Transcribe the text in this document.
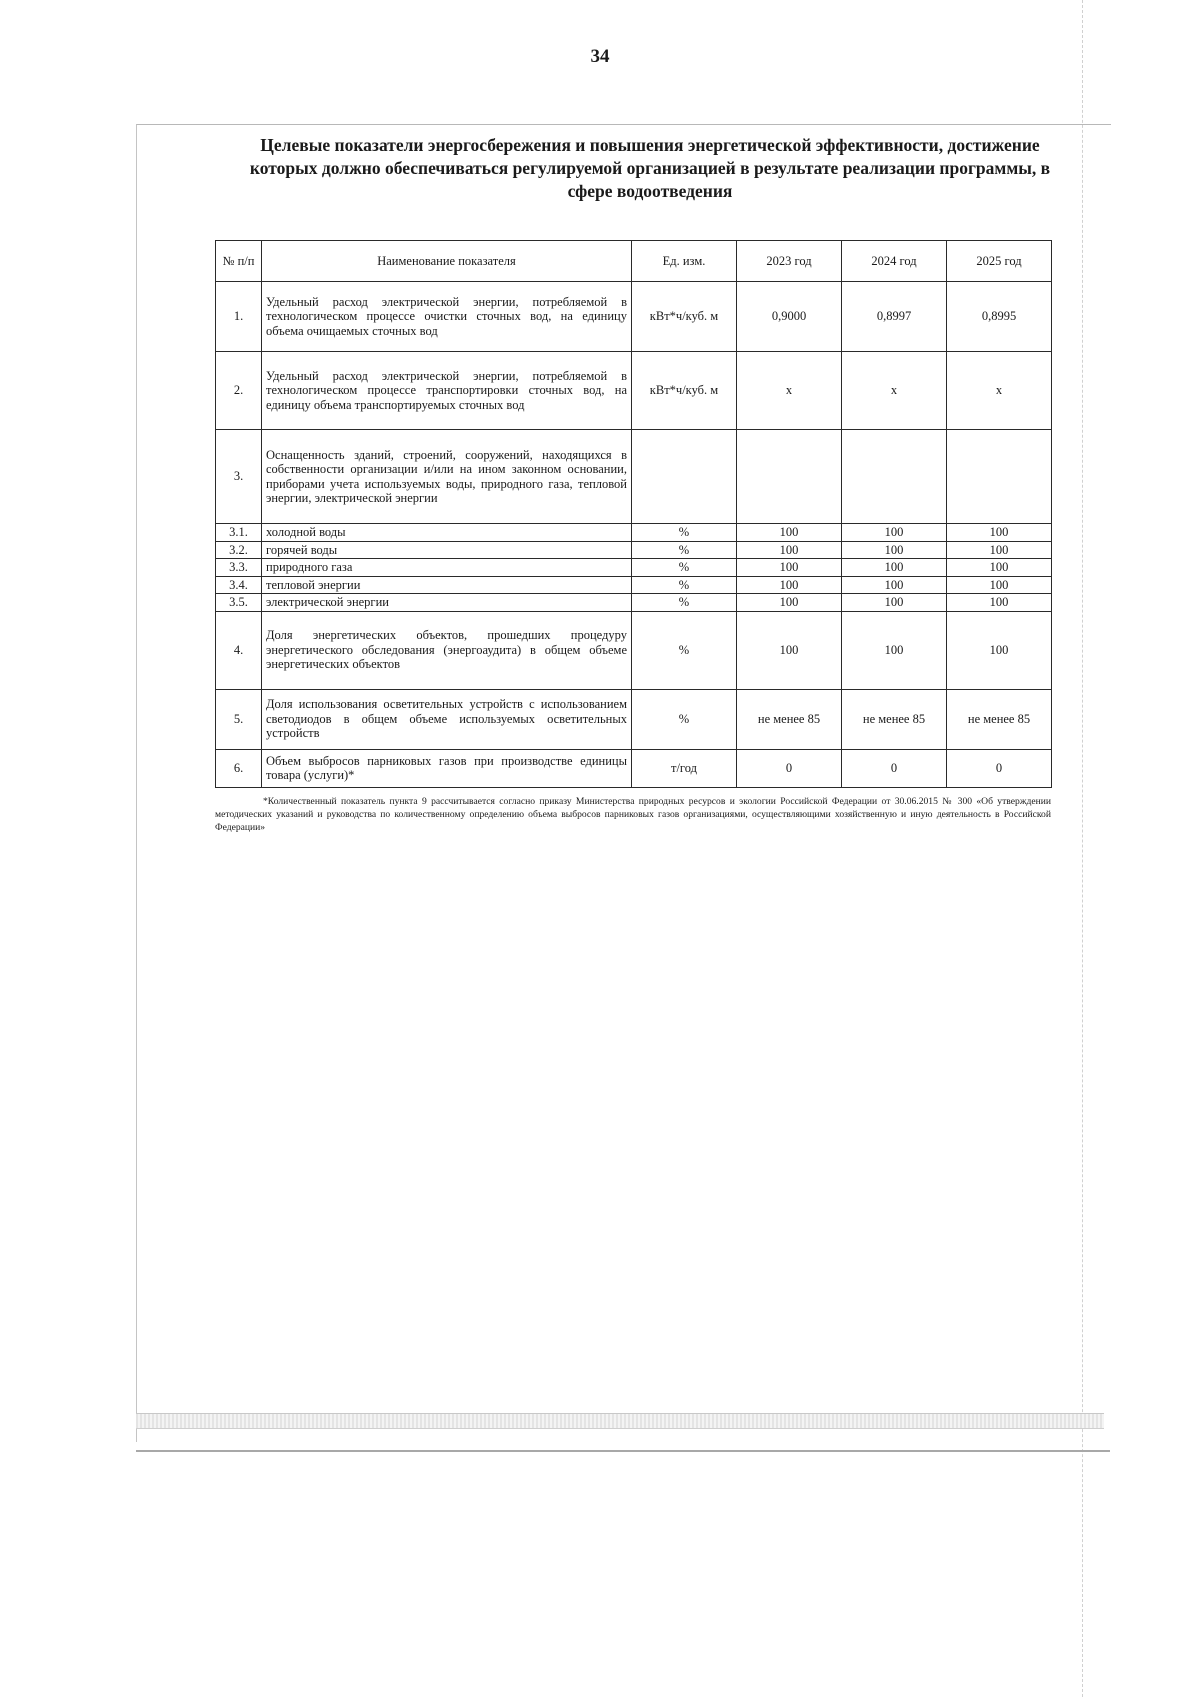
34
Целевые показатели энергосбережения и повышения энергетической эффективности, достижение которых должно обеспечиваться регулируемой организацией в результате реализации программы, в сфере водоотведения
№ п/п	Наименование показателя	Ед. изм.	2023 год	2024 год	2025 год
1.	Удельный расход электрической энергии, потребляемой в технологическом процессе очистки сточных вод, на единицу объема очищаемых сточных вод	кВт*ч/куб. м	0,9000	0,8997	0,8995
2.	Удельный расход электрической энергии, потребляемой в технологическом процессе транспортировки сточных вод, на единицу объема транспортируемых сточных вод	кВт*ч/куб. м	х	х	х
3.	Оснащенность зданий, строений, сооружений, находящихся в собственности организации и/или на ином законном основании, приборами учета используемых воды, природного газа, тепловой энергии, электрической энергии				
3.1.	холодной воды	%	100	100	100
3.2.	горячей воды	%	100	100	100
3.3.	природного газа	%	100	100	100
3.4.	тепловой энергии	%	100	100	100
3.5.	электрической энергии	%	100	100	100
4.	Доля энергетических объектов, прошедших процедуру энергетического обследования (энергоаудита) в общем объеме энергетических объектов	%	100	100	100
5.	Доля использования осветительных устройств с использованием светодиодов в общем объеме используемых осветительных устройств	%	не менее 85	не менее 85	не менее 85
6.	Объем выбросов парниковых газов при производстве единицы товара (услуги)*	т/год	0	0	0
*Количественный показатель пункта 9 рассчитывается согласно приказу Министерства природных ресурсов и экологии Российской Федерации от 30.06.2015 № 300 «Об утверждении методических указаний и руководства по количественному определению объема выбросов парниковых газов организациями, осуществляющими хозяйственную и иную деятельность в Российской Федерации»
